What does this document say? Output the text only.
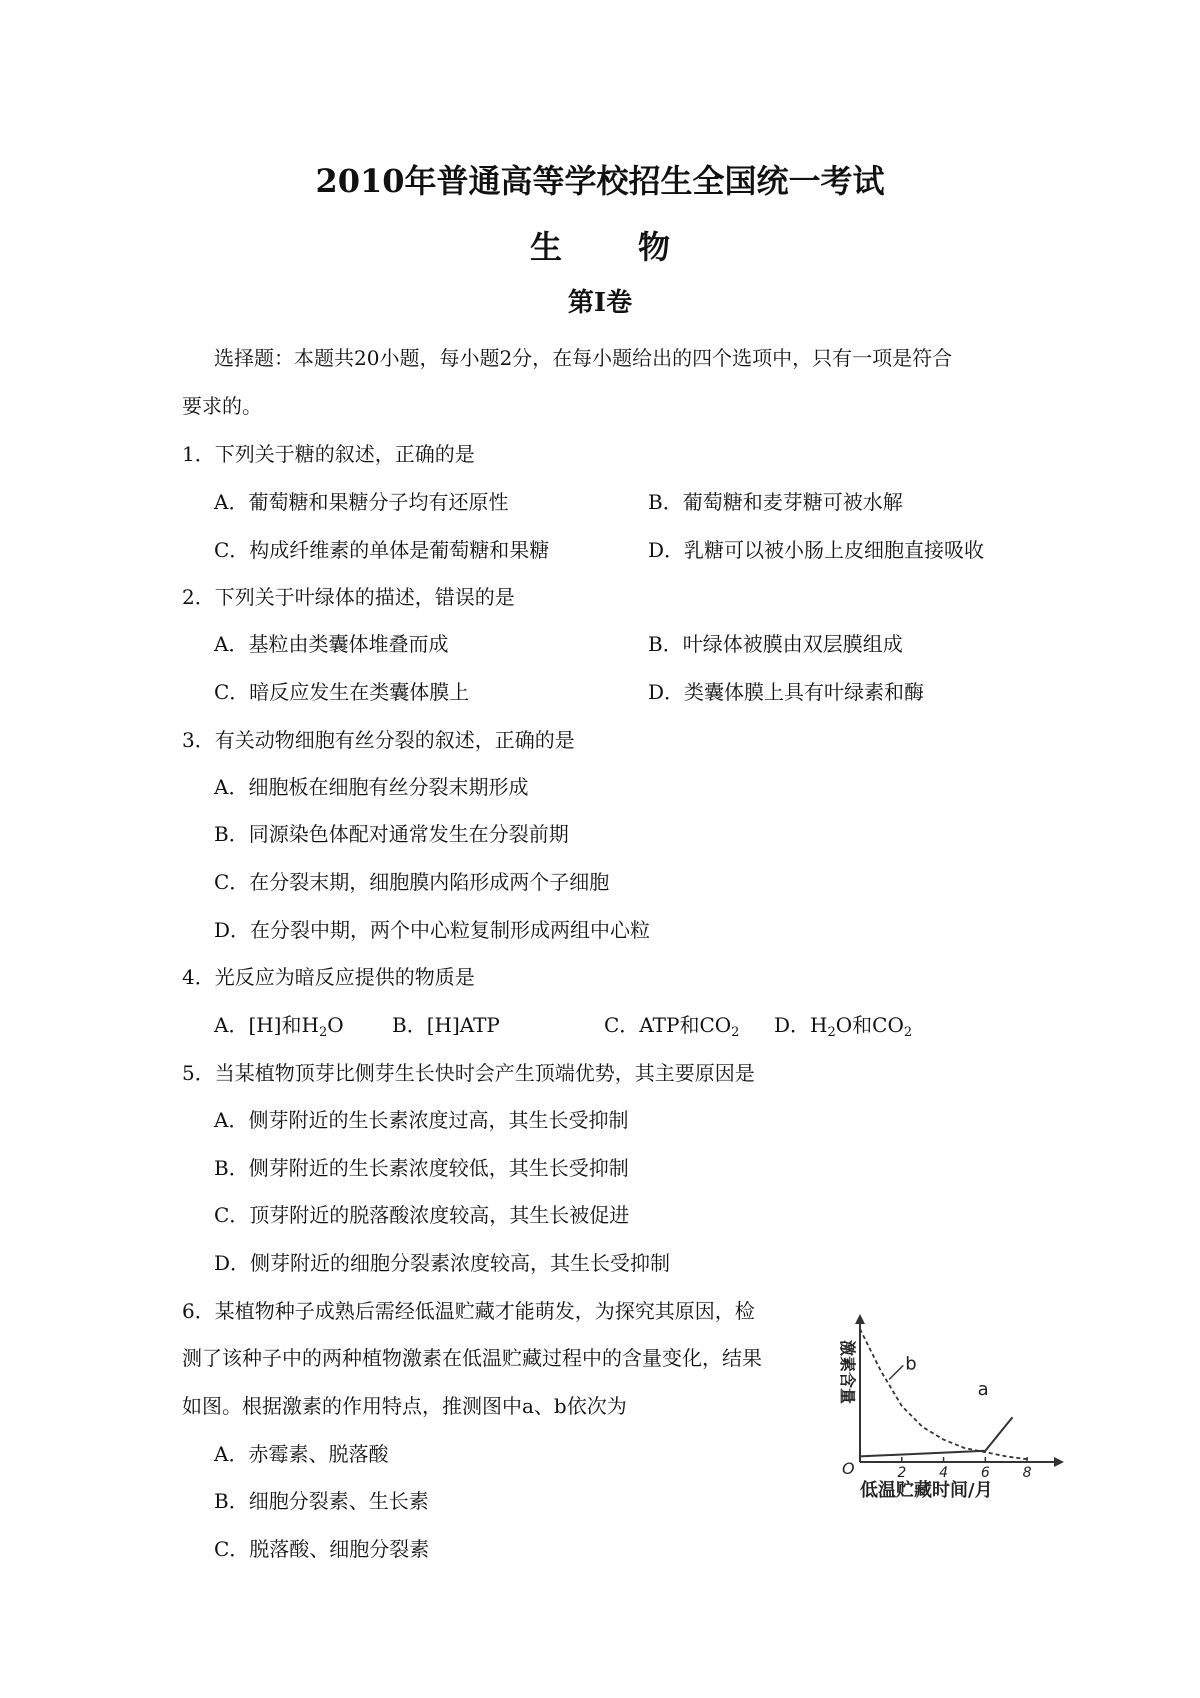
2010年普通高等学校招生全国统一考试
生物
第Ⅰ卷
选择题：本题共20小题，每小题2分，在每小题给出的四个选项中，只有一项是符合
要求的。
1．下列关于糖的叙述，正确的是
A．葡萄糖和果糖分子均有还原性	B．葡萄糖和麦芽糖可被水解
C．构成纤维素的单体是葡萄糖和果糖	D．乳糖可以被小肠上皮细胞直接吸收
2．下列关于叶绿体的描述，错误的是
A．基粒由类囊体堆叠而成	B．叶绿体被膜由双层膜组成
C．暗反应发生在类囊体膜上	D．类囊体膜上具有叶绿素和酶
3．有关动物细胞有丝分裂的叙述，正确的是
A．细胞板在细胞有丝分裂末期形成
B．同源染色体配对通常发生在分裂前期
C．在分裂末期，细胞膜内陷形成两个子细胞
D．在分裂中期，两个中心粒复制形成两组中心粒
4．光反应为暗反应提供的物质是
A．[H]和$H_2O$ B．[H]ATP	C．ATP和$CO_2$ D．$H_2O$和$CO_2$
5．当某植物顶芽比侧芽生长快时会产生顶端优势，其主要原因是
A．侧芽附近的生长素浓度过高，其生长受抑制
B．侧芽附近的生长素浓度较低，其生长受抑制
C．顶芽附近的脱落酸浓度较高，其生长被促进
D．侧芽附近的细胞分裂素浓度较高，其生长受抑制
6．某植物种子成熟后需经低温贮藏才能萌发，为探究其原因，检
测了该种子中的两种植物激素在低温贮藏过程中的含量变化，结果
如图。根据激素的作用特点，推测图中a、b依次为
A．赤霉素、脱落酸
B．细胞分裂素、生长素
C．脱落酸、细胞分裂素
激素含量
O
低温贮藏时间/月
2 4 6 8
a
b
